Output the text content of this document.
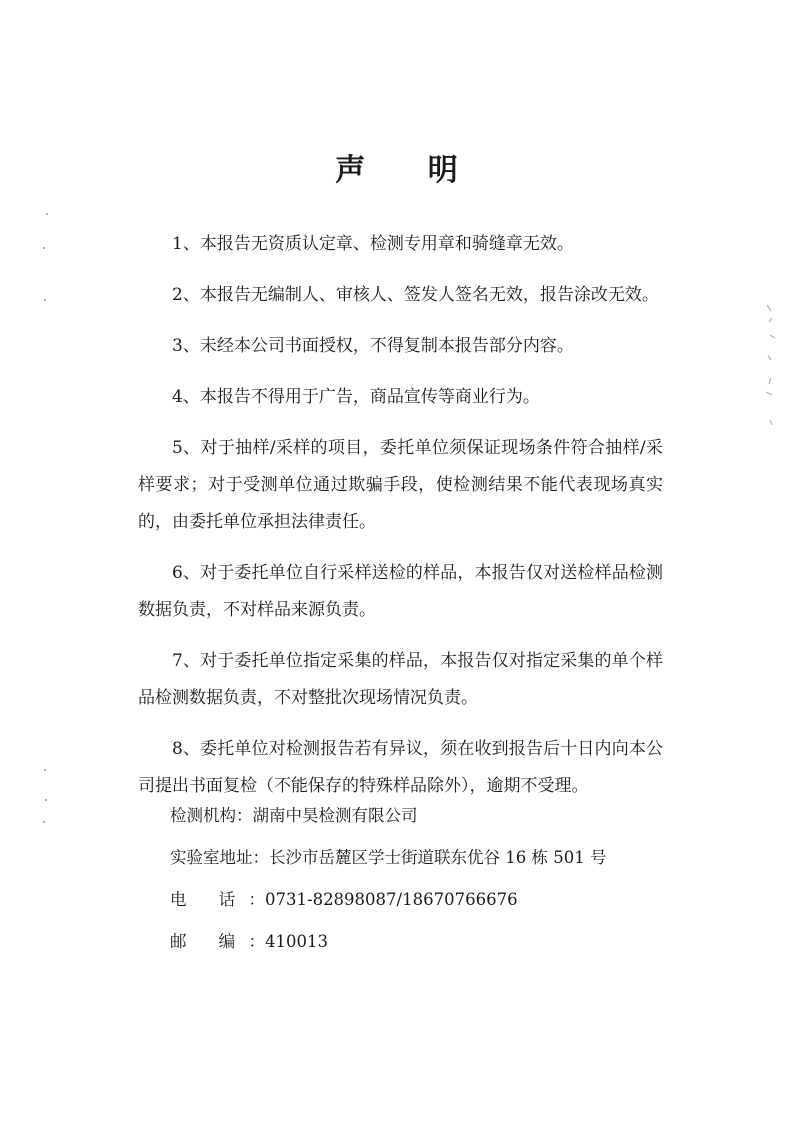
声 明

1、本报告无资质认定章、检测专用章和骑缝章无效。

2、本报告无编制人、审核人、签发人签名无效，报告涂改无效。

3、未经本公司书面授权，不得复制本报告部分内容。

4、本报告不得用于广告，商品宣传等商业行为。

5、对于抽样/采样的项目，委托单位须保证现场条件符合抽样/采样要求；对于受测单位通过欺骗手段，使检测结果不能代表现场真实的，由委托单位承担法律责任。

6、对于委托单位自行采样送检的样品，本报告仅对送检样品检测数据负责，不对样品来源负责。

7、对于委托单位指定采集的样品，本报告仅对指定采集的单个样品检测数据负责，不对整批次现场情况负责。

8、委托单位对检测报告若有异议，须在收到报告后十日内向本公司提出书面复检（不能保存的特殊样品除外），逾期不受理。

检测机构：湖南中昊检测有限公司
实验室地址：长沙市岳麓区学士街道联东优谷 16 栋 501 号
电 话：0731-82898087/18670766676
邮 编：410013
